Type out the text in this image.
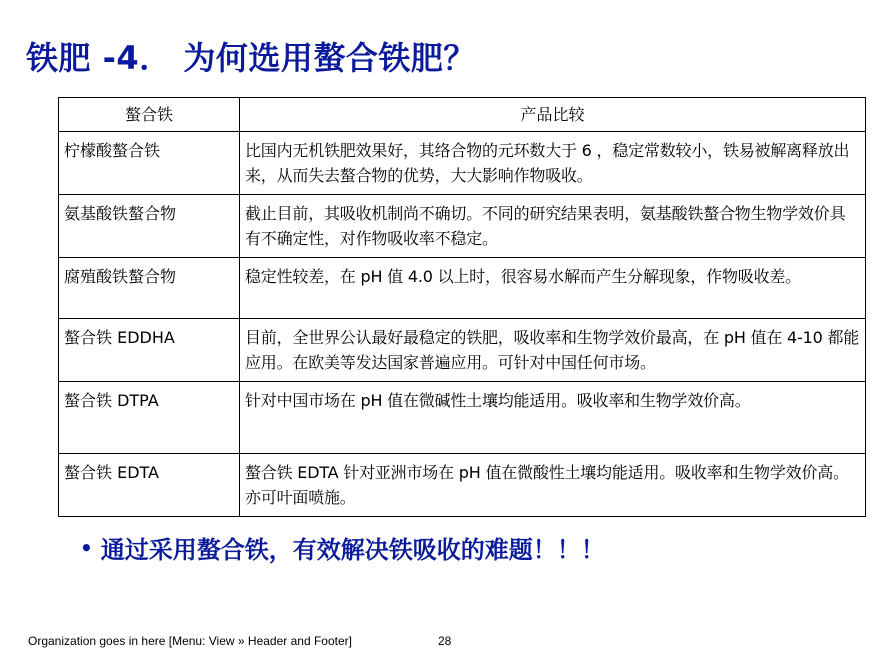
铁肥 -4． 为何选用螯合铁肥？
螯合铁	产品比较
柠檬酸螯合铁	比国内无机铁肥效果好，其络合物的元环数大于 6 ，稳定常数较小，铁易被解离释放出来，从而失去螯合物的优势，大大影响作物吸收。
氨基酸铁螯合物	截止目前，其吸收机制尚不确切。不同的研究结果表明，氨基酸铁螯合物生物学效价具有不确定性，对作物吸收率不稳定。
腐殖酸铁螯合物	稳定性较差，在 pH 值 4.0 以上时，很容易水解而产生分解现象，作物吸收差。
螯合铁 EDDHA	目前，全世界公认最好最稳定的铁肥，吸收率和生物学效价最高，在 pH 值在 4-10 都能应用。在欧美等发达国家普遍应用。可针对中国任何市场。
螯合铁 DTPA	针对中国市场在 pH 值在微碱性土壤均能适用。吸收率和生物学效价高。
螯合铁 EDTA	螯合铁 EDTA 针对亚洲市场在 pH 值在微酸性土壤均能适用。吸收率和生物学效价高。亦可叶面喷施。
• 通过采用螯合铁，有效解决铁吸收的难题！！！
Organization goes in here [Menu: View » Header and Footer]	28
